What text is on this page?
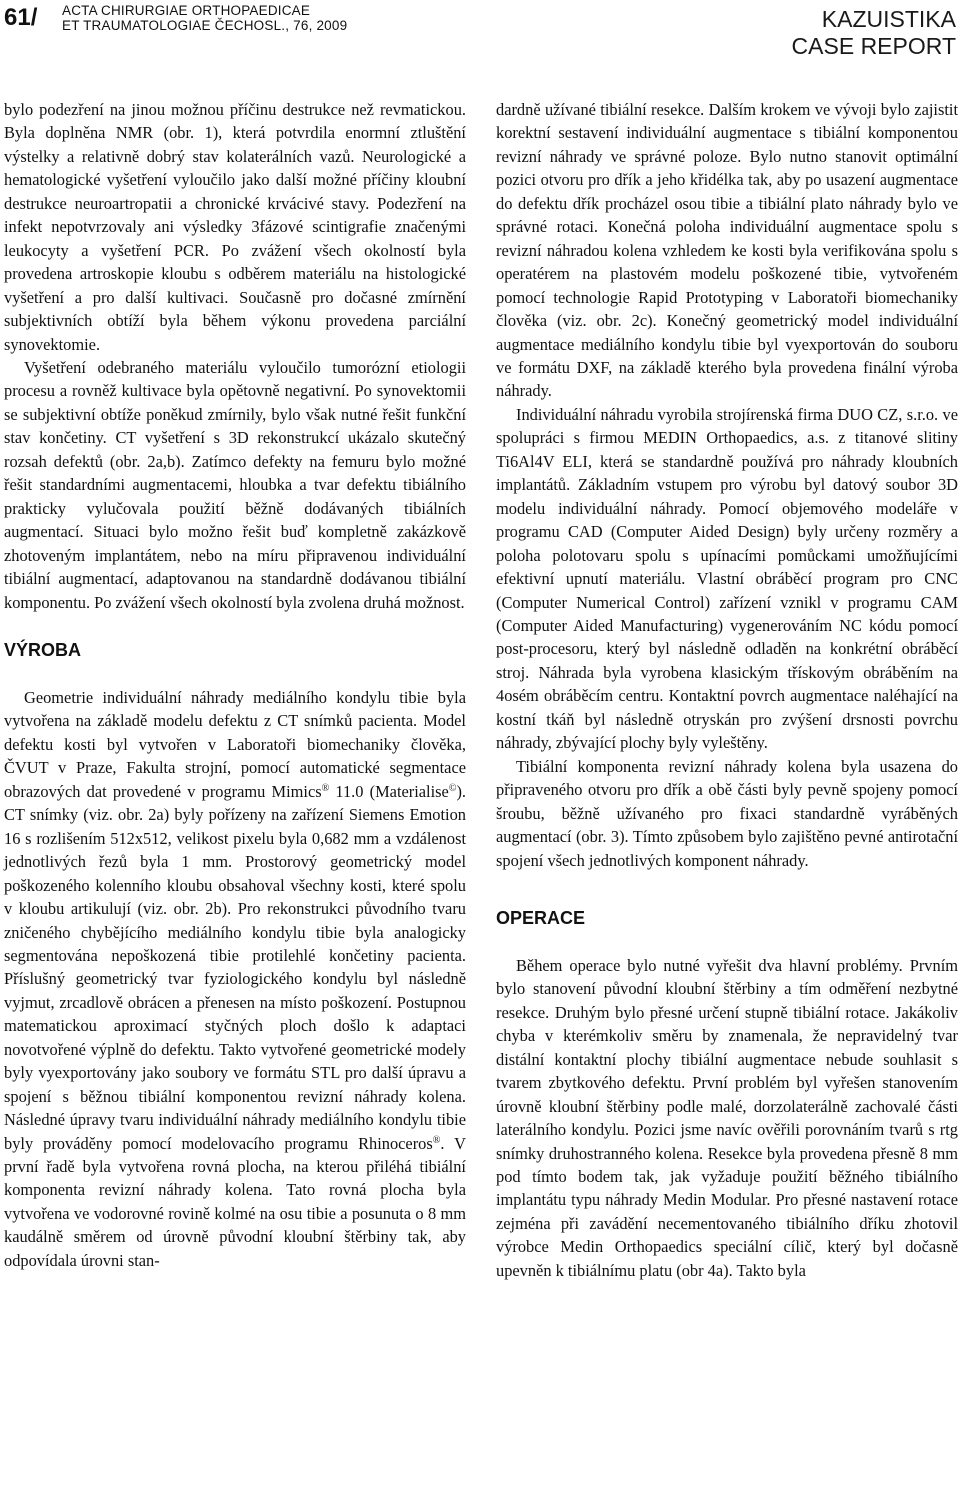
61/ ACTA CHIRURGIAE ORTHOPAEDICAE
ET TRAUMATOLOGIAE ČECHOSL., 76, 2009	KAZUISTIKA
CASE REPORT

bylo podezření na jinou možnou příčinu destrukce než revmatickou. Byla doplněna NMR (obr. 1), která potvrdila enormní ztluštění výstelky a relativně dobrý stav kolaterálních vazů. Neurologické a hematologické vyšetření vyloučilo jako další možné příčiny kloubní destrukce neuroartropatii a chronické krvácivé stavy. Podezření na infekt nepotvrzovaly ani výsledky 3fázové scintigrafie značenými leukocyty a vyšetření PCR. Po zvážení všech okolností byla provedena artroskopie kloubu s odběrem materiálu na histologické vyšetření a pro další kultivaci. Současně pro dočasné zmírnění subjektivních obtíží byla během výkonu provedena parciální synovektomie.

Vyšetření odebraného materiálu vyloučilo tumorózní etiologii procesu a rovněž kultivace byla opětovně negativní. Po synovektomii se subjektivní obtíže poněkud zmírnily, bylo však nutné řešit funkční stav končetiny. CT vyšetření s 3D rekonstrukcí ukázalo skutečný rozsah defektů (obr. 2a,b). Zatímco defekty na femuru bylo možné řešit standardními augmentacemi, hloubka a tvar defektu tibiálního prakticky vylučovala použití běžně dodávaných tibiálních augmentací. Situaci bylo možno řešit buď kompletně zakázkově zhotoveným implantátem, nebo na míru připravenou individuální tibiální augmentací, adaptovanou na standardně dodávanou tibiální komponentu. Po zvážení všech okolností byla zvolena druhá možnost.

VÝROBA

Geometrie individuální náhrady mediálního kondylu tibie byla vytvořena na základě modelu defektu z CT snímků pacienta. Model defektu kosti byl vytvořen v Laboratoři biomechaniky člověka, ČVUT v Praze, Fakulta strojní, pomocí automatické segmentace obrazových dat provedené v programu Mimics® 11.0 (Materialise©). CT snímky (viz. obr. 2a) byly pořízeny na zařízení Siemens Emotion 16 s rozlišením 512x512, velikost pixelu byla 0,682 mm a vzdálenost jednotlivých řezů byla 1 mm. Prostorový geometrický model poškozeného kolenního kloubu obsahoval všechny kosti, které spolu v kloubu artikulují (viz. obr. 2b). Pro rekonstrukci původního tvaru zničeného chybějícího mediálního kondylu tibie byla analogicky segmentována nepoškozená tibie protilehlé končetiny pacienta. Příslušný geometrický tvar fyziologického kondylu byl následně vyjmut, zrcadlově obrácen a přenesen na místo poškození. Postupnou matematickou aproximací styčných ploch došlo k adaptaci novotvořené výplně do defektu. Takto vytvořené geometrické modely byly vyexportovány jako soubory ve formátu STL pro další úpravu a spojení s běžnou tibiální komponentou revizní náhrady kolena. Následné úpravy tvaru individuální náhrady mediálního kondylu tibie byly prováděny pomocí modelovacího programu Rhinoceros®. V první řadě byla vytvořena rovná plocha, na kterou přiléhá tibiální komponenta revizní náhrady kolena. Tato rovná plocha byla vytvořena ve vodorovné rovině kolmé na osu tibie a posunuta o 8 mm kaudálně směrem od úrovně původní kloubní štěrbiny tak, aby odpovídala úrovni stan-

dardně užívané tibiální resekce. Dalším krokem ve vývoji bylo zajistit korektní sestavení individuální augmentace s tibiální komponentou revizní náhrady ve správné poloze. Bylo nutno stanovit optimální pozici otvoru pro dřík a jeho křidélka tak, aby po usazení augmentace do defektu dřík procházel osou tibie a tibiální plato náhrady bylo ve správné rotaci. Konečná poloha individuální augmentace spolu s revizní náhradou kolena vzhledem ke kosti byla verifikována spolu s operatérem na plastovém modelu poškozené tibie, vytvořeném pomocí technologie Rapid Prototyping v Laboratoři biomechaniky člověka (viz. obr. 2c). Konečný geometrický model individuální augmentace mediálního kondylu tibie byl vyexportován do souboru ve formátu DXF, na základě kterého byla provedena finální výroba náhrady.

Individuální náhradu vyrobila strojírenská firma DUO CZ, s.r.o. ve spolupráci s firmou MEDIN Orthopaedics, a.s. z titanové slitiny Ti6Al4V ELI, která se standardně používá pro náhrady kloubních implantátů. Základním vstupem pro výrobu byl datový soubor 3D modelu individuální náhrady. Pomocí objemového modeláře v programu CAD (Computer Aided Design) byly určeny rozměry a poloha polotovaru spolu s upínacími pomůckami umožňujícími efektivní upnutí materiálu. Vlastní obráběcí program pro CNC (Computer Numerical Control) zařízení vznikl v programu CAM (Computer Aided Manufacturing) vygenerováním NC kódu pomocí post-procesoru, který byl následně odladěn na konkrétní obráběcí stroj. Náhrada byla vyrobena klasickým třískovým obráběním na 4osém obráběcím centru. Kontaktní povrch augmentace naléhající na kostní tkáň byl následně otryskán pro zvýšení drsnosti povrchu náhrady, zbývající plochy byly vyleštěny.

Tibiální komponenta revizní náhrady kolena byla usazena do připraveného otvoru pro dřík a obě části byly pevně spojeny pomocí šroubu, běžně užívaného pro fixaci standardně vyráběných augmentací (obr. 3). Tímto způsobem bylo zajištěno pevné antirotační spojení všech jednotlivých komponent náhrady.

OPERACE

Během operace bylo nutné vyřešit dva hlavní problémy. Prvním bylo stanovení původní kloubní štěrbiny a tím odměření nezbytné resekce. Druhým bylo přesné určení stupně tibiální rotace. Jakákoliv chyba v kterémkoliv směru by znamenala, že nepravidelný tvar distální kontaktní plochy tibiální augmentace nebude souhlasit s tvarem zbytkového defektu. První problém byl vyřešen stanovením úrovně kloubní štěrbiny podle malé, dorzolaterálně zachovalé části laterálního kondylu. Pozici jsme navíc ověřili porovnáním tvarů s rtg snímky druhostranného kolena. Resekce byla provedena přesně 8 mm pod tímto bodem tak, jak vyžaduje použití běžného tibiálního implantátu typu náhrady Medin Modular. Pro přesné nastavení rotace zejména při zavádění necementovaného tibiálního dříku zhotovil výrobce Medin Orthopaedics speciální cílič, který byl dočasně upevněn k tibiálnímu platu (obr 4a). Takto byla
